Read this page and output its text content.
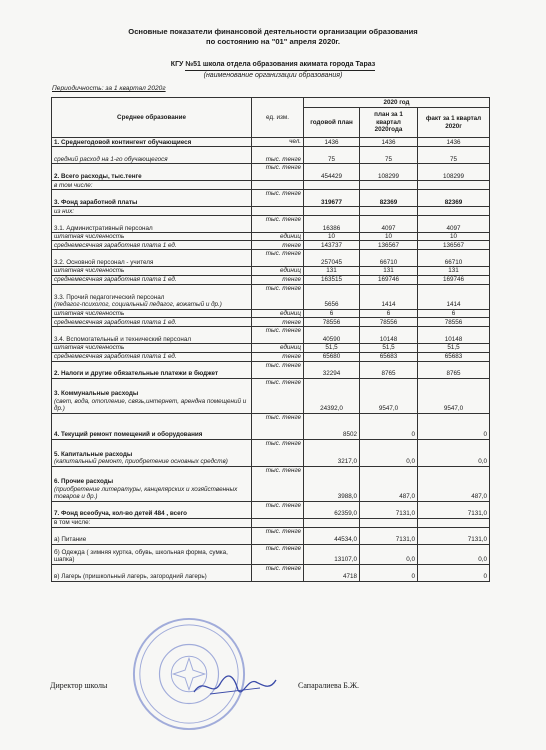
Основные показатели финансовой деятельности организации образования
по состоянию на "01" апреля 2020г.
КГУ №51 школа отдела образования акимата города Тараз
(наименование организации образования)
Периодичность: за 1 квартал 2020г
Среднее образование	ед. изм.	2020 год		
		годовой план	план за 1 квартал 2020года	факт за 1 квартал 2020г
1. Среднегодовой контингент обучающиеся	чел.	1436	1436	1436
средний расход на 1-го обучающегося	тыс. тенге	75	75	75
2. Всего расходы, тыс.тенге	тыс. тенге	454429	108299	108299
в том числе:				
3. Фонд заработной платы	тыс. тенге	319677	82369	82369
из них:				
3.1. Административный персонал	тыс. тенге	16386	4097	4097
штатная численность	единиц	10	10	10
среднемесячная заработная плата 1 ед.	тенге	143737	136567	136567
3.2. Основной персонал - учителя	тыс. тенге	257045	66710	66710
штатная численность	единиц	131	131	131
среднемесячная заработная плата 1 ед.	тенге	163515	169746	169746
3.3. Прочий педагогический персонал
(педагог-психолог, социальный педагог, вожатый и др.)	тыс. тенге	5656	1414	1414
штатная численность	единиц	6	6	6
среднемесячная заработная плата 1 ед.	тенге	78556	78556	78556
3.4. Вспомогательный и технический персонал	тыс. тенге	40590	10148	10148
штатная численность	единиц	51,5	51,5	51,5
среднемесячная заработная плата 1 ед.	тенге	65680	65683	65683
2. Налоги и другие обязательные платежи в бюджет	тыс. тенге	32294	8765	8765
3. Коммунальные расходы
(свет, вода, отопление, связь,интернет, арендна помещений и др.)	тыс. тенге	24392,0	9547,0	9547,0
4. Текущий ремонт помещений и оборудования	тыс. тенге	8502	0	0
5. Капитальные расходы
(капитальный ремонт, приобретение основных средств)	тыс. тенге	3217,0	0,0	0,0
6. Прочие расходы
(приобретение литературы, канцелярских и хозяйственных товаров и др.)	тыс. тенге	3988,0	487,0	487,0
7. Фонд всеобуча, кол-во детей 484 , всего	тыс. тенге	62359,0	7131,0	7131,0
в том числе:				
а) Питание	тыс. тенге	44534,0	7131,0	7131,0
б) Одежда ( зимняя куртка, обувь, школьная форма, сумка, шапка)	тыс. тенге	13107,0	0,0	0,0
в) Лагерь (пришкольный лагерь, загородний лагерь)	тыс. тенге	4718	0	0
Директор школы	Сапаралиева Б.Ж.
